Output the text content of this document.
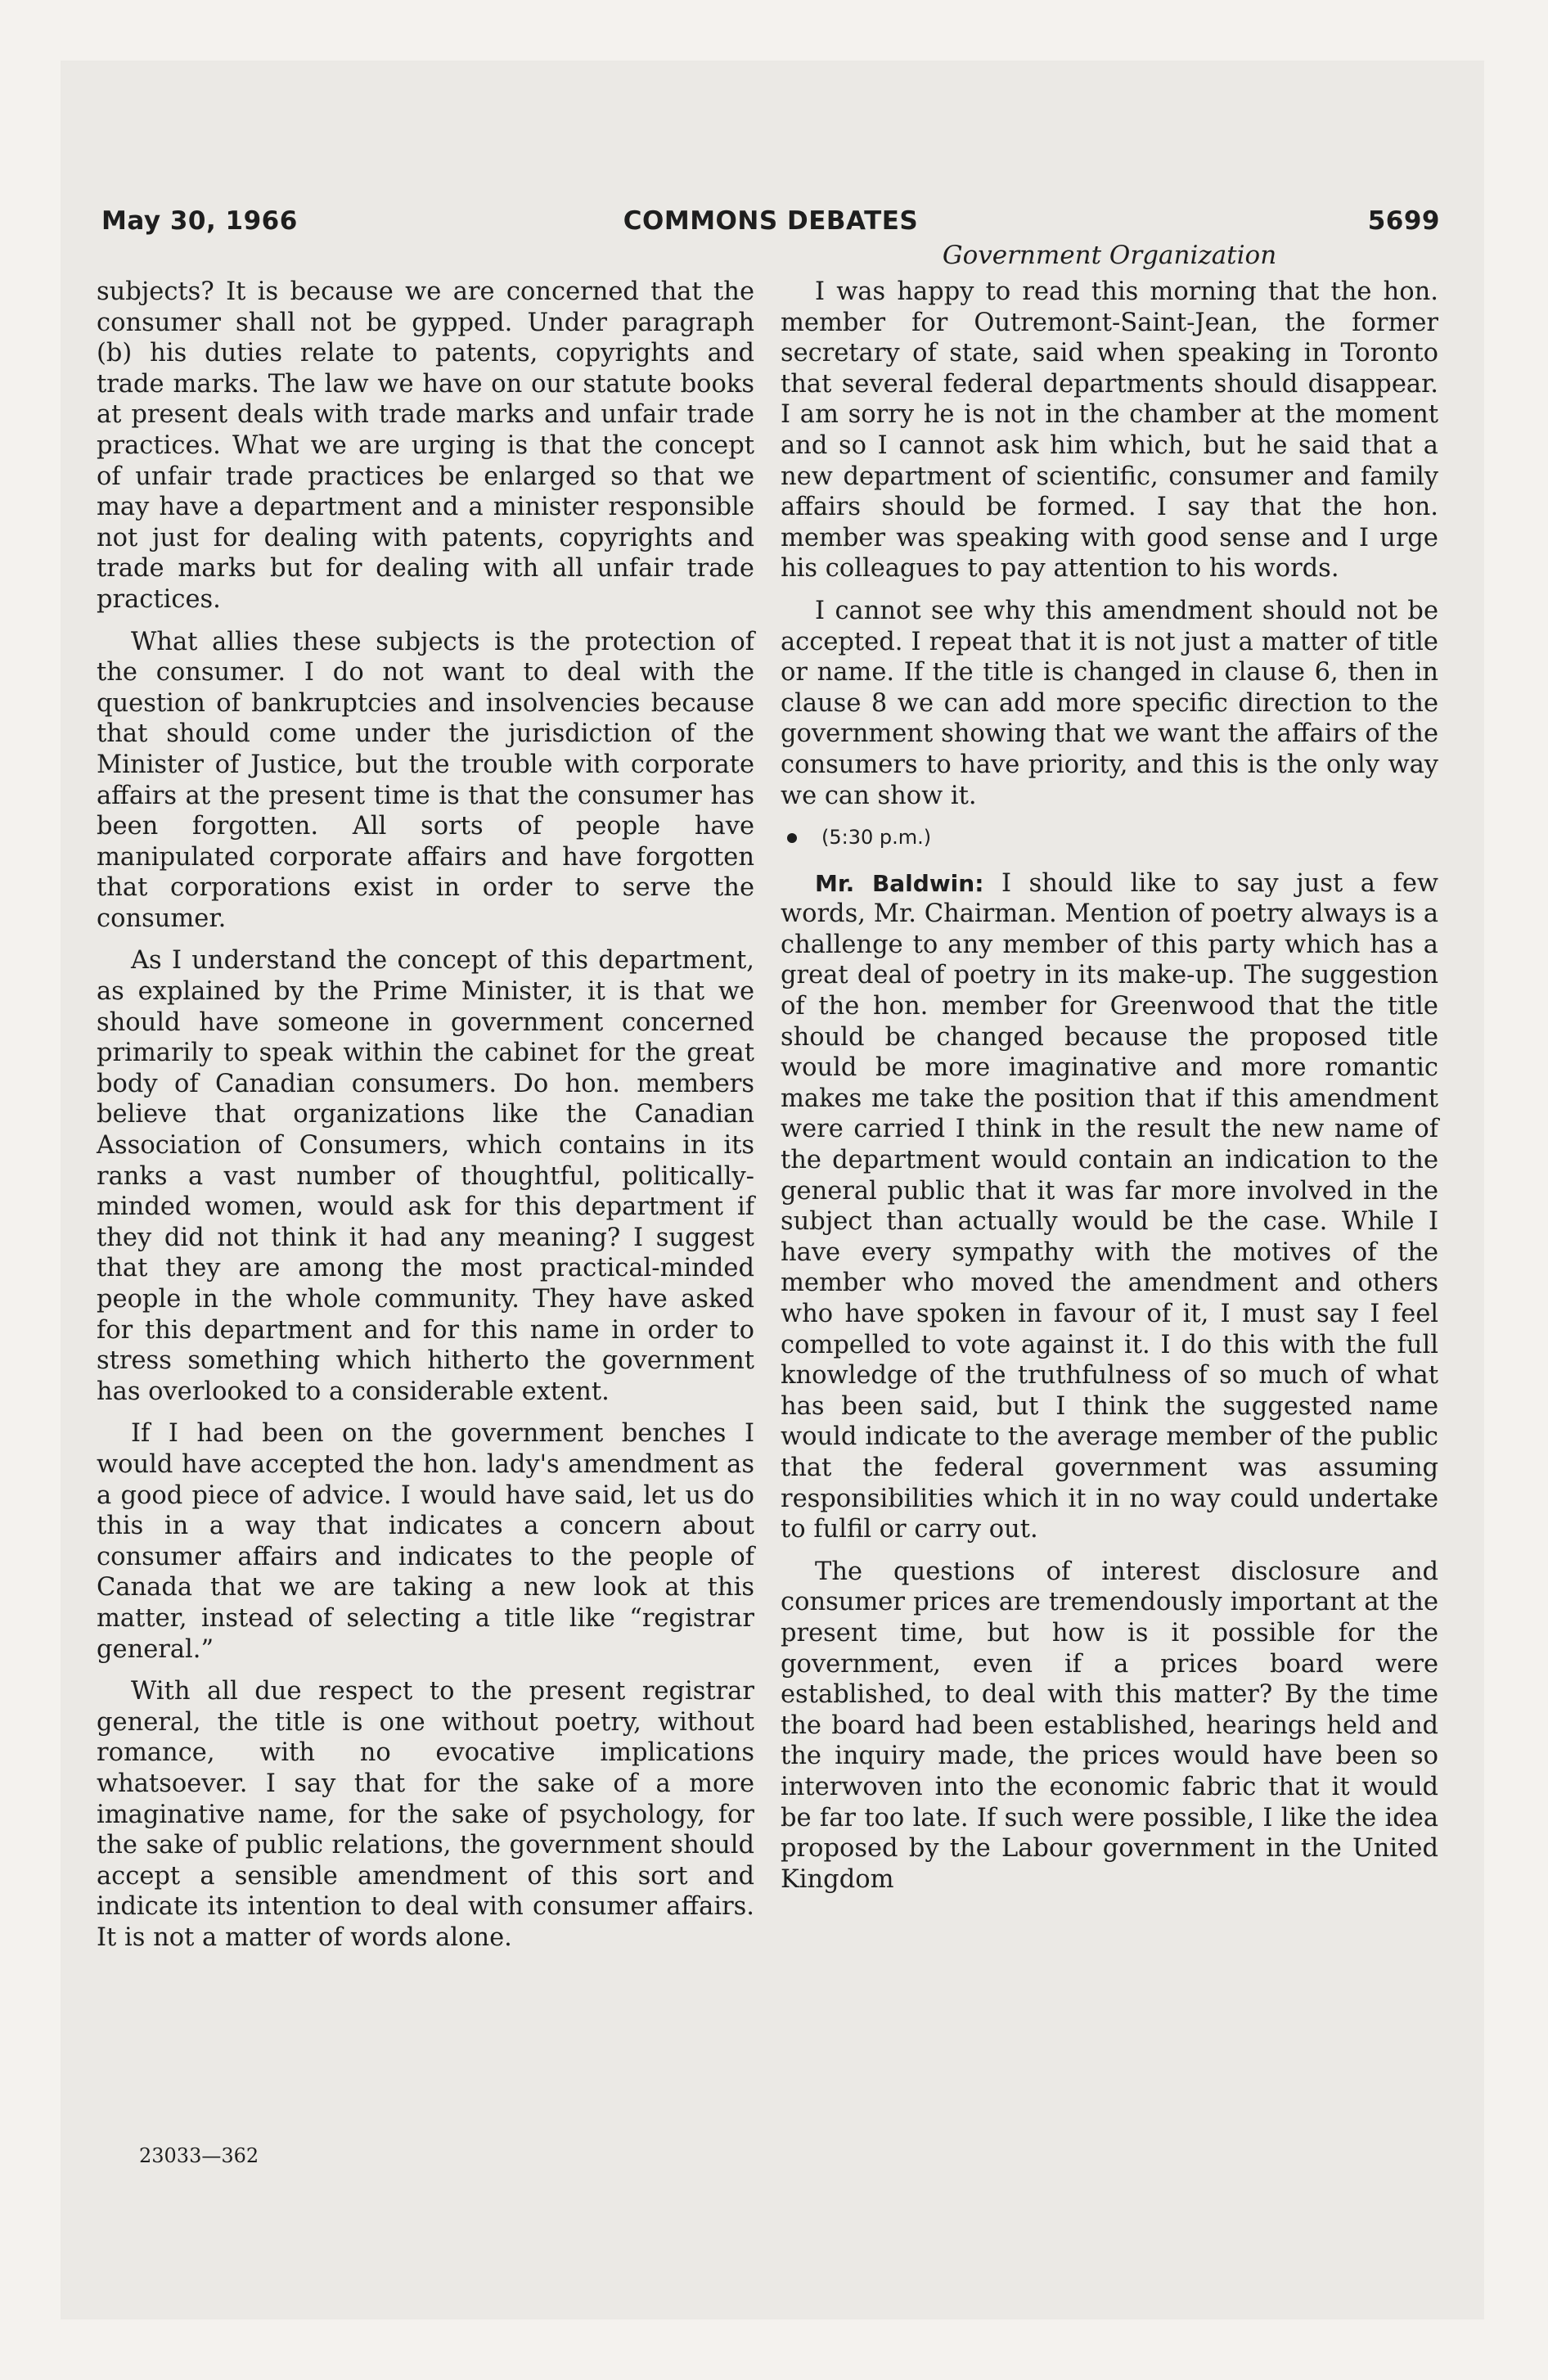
May 30, 1966	COMMONS DEBATES	5699
Government Organization

subjects? It is because we are concerned that the consumer shall not be gypped. Under paragraph (b) his duties relate to patents, copyrights and trade marks. The law we have on our statute books at present deals with trade marks and unfair trade practices. What we are urging is that the concept of unfair trade practices be enlarged so that we may have a department and a minister responsible not just for dealing with patents, copyrights and trade marks but for dealing with all unfair trade practices.

What allies these subjects is the protection of the consumer. I do not want to deal with the question of bankruptcies and insolvencies because that should come under the jurisdiction of the Minister of Justice, but the trouble with corporate affairs at the present time is that the consumer has been forgotten. All sorts of people have manipulated corporate affairs and have forgotten that corporations exist in order to serve the consumer.

As I understand the concept of this department, as explained by the Prime Minister, it is that we should have someone in government concerned primarily to speak within the cabinet for the great body of Canadian consumers. Do hon. members believe that organizations like the Canadian Association of Consumers, which contains in its ranks a vast number of thoughtful, politically-minded women, would ask for this department if they did not think it had any meaning? I suggest that they are among the most practical-minded people in the whole community. They have asked for this department and for this name in order to stress something which hitherto the government has overlooked to a considerable extent.

If I had been on the government benches I would have accepted the hon. lady's amendment as a good piece of advice. I would have said, let us do this in a way that indicates a concern about consumer affairs and indicates to the people of Canada that we are taking a new look at this matter, instead of selecting a title like “registrar general.”

With all due respect to the present registrar general, the title is one without poetry, without romance, with no evocative implications whatsoever. I say that for the sake of a more imaginative name, for the sake of psychology, for the sake of public relations, the government should accept a sensible amendment of this sort and indicate its intention to deal with consumer affairs. It is not a matter of words alone.

23033—362

I was happy to read this morning that the hon. member for Outremont-Saint-Jean, the former secretary of state, said when speaking in Toronto that several federal departments should disappear. I am sorry he is not in the chamber at the moment and so I cannot ask him which, but he said that a new department of scientific, consumer and family affairs should be formed. I say that the hon. member was speaking with good sense and I urge his colleagues to pay attention to his words.

I cannot see why this amendment should not be accepted. I repeat that it is not just a matter of title or name. If the title is changed in clause 6, then in clause 8 we can add more specific direction to the government showing that we want the affairs of the consumers to have priority, and this is the only way we can show it.

(5:30 p.m.)

Mr. Baldwin: I should like to say just a few words, Mr. Chairman. Mention of poetry always is a challenge to any member of this party which has a great deal of poetry in its make-up. The suggestion of the hon. member for Greenwood that the title should be changed because the proposed title would be more imaginative and more romantic makes me take the position that if this amendment were carried I think in the result the new name of the department would contain an indication to the general public that it was far more involved in the subject than actually would be the case. While I have every sympathy with the motives of the member who moved the amendment and others who have spoken in favour of it, I must say I feel compelled to vote against it. I do this with the full knowledge of the truthfulness of so much of what has been said, but I think the suggested name would indicate to the average member of the public that the federal government was assuming responsibilities which it in no way could undertake to fulfil or carry out.

The questions of interest disclosure and consumer prices are tremendously important at the present time, but how is it possible for the government, even if a prices board were established, to deal with this matter? By the time the board had been established, hearings held and the inquiry made, the prices would have been so interwoven into the economic fabric that it would be far too late. If such were possible, I like the idea proposed by the Labour government in the United Kingdom
